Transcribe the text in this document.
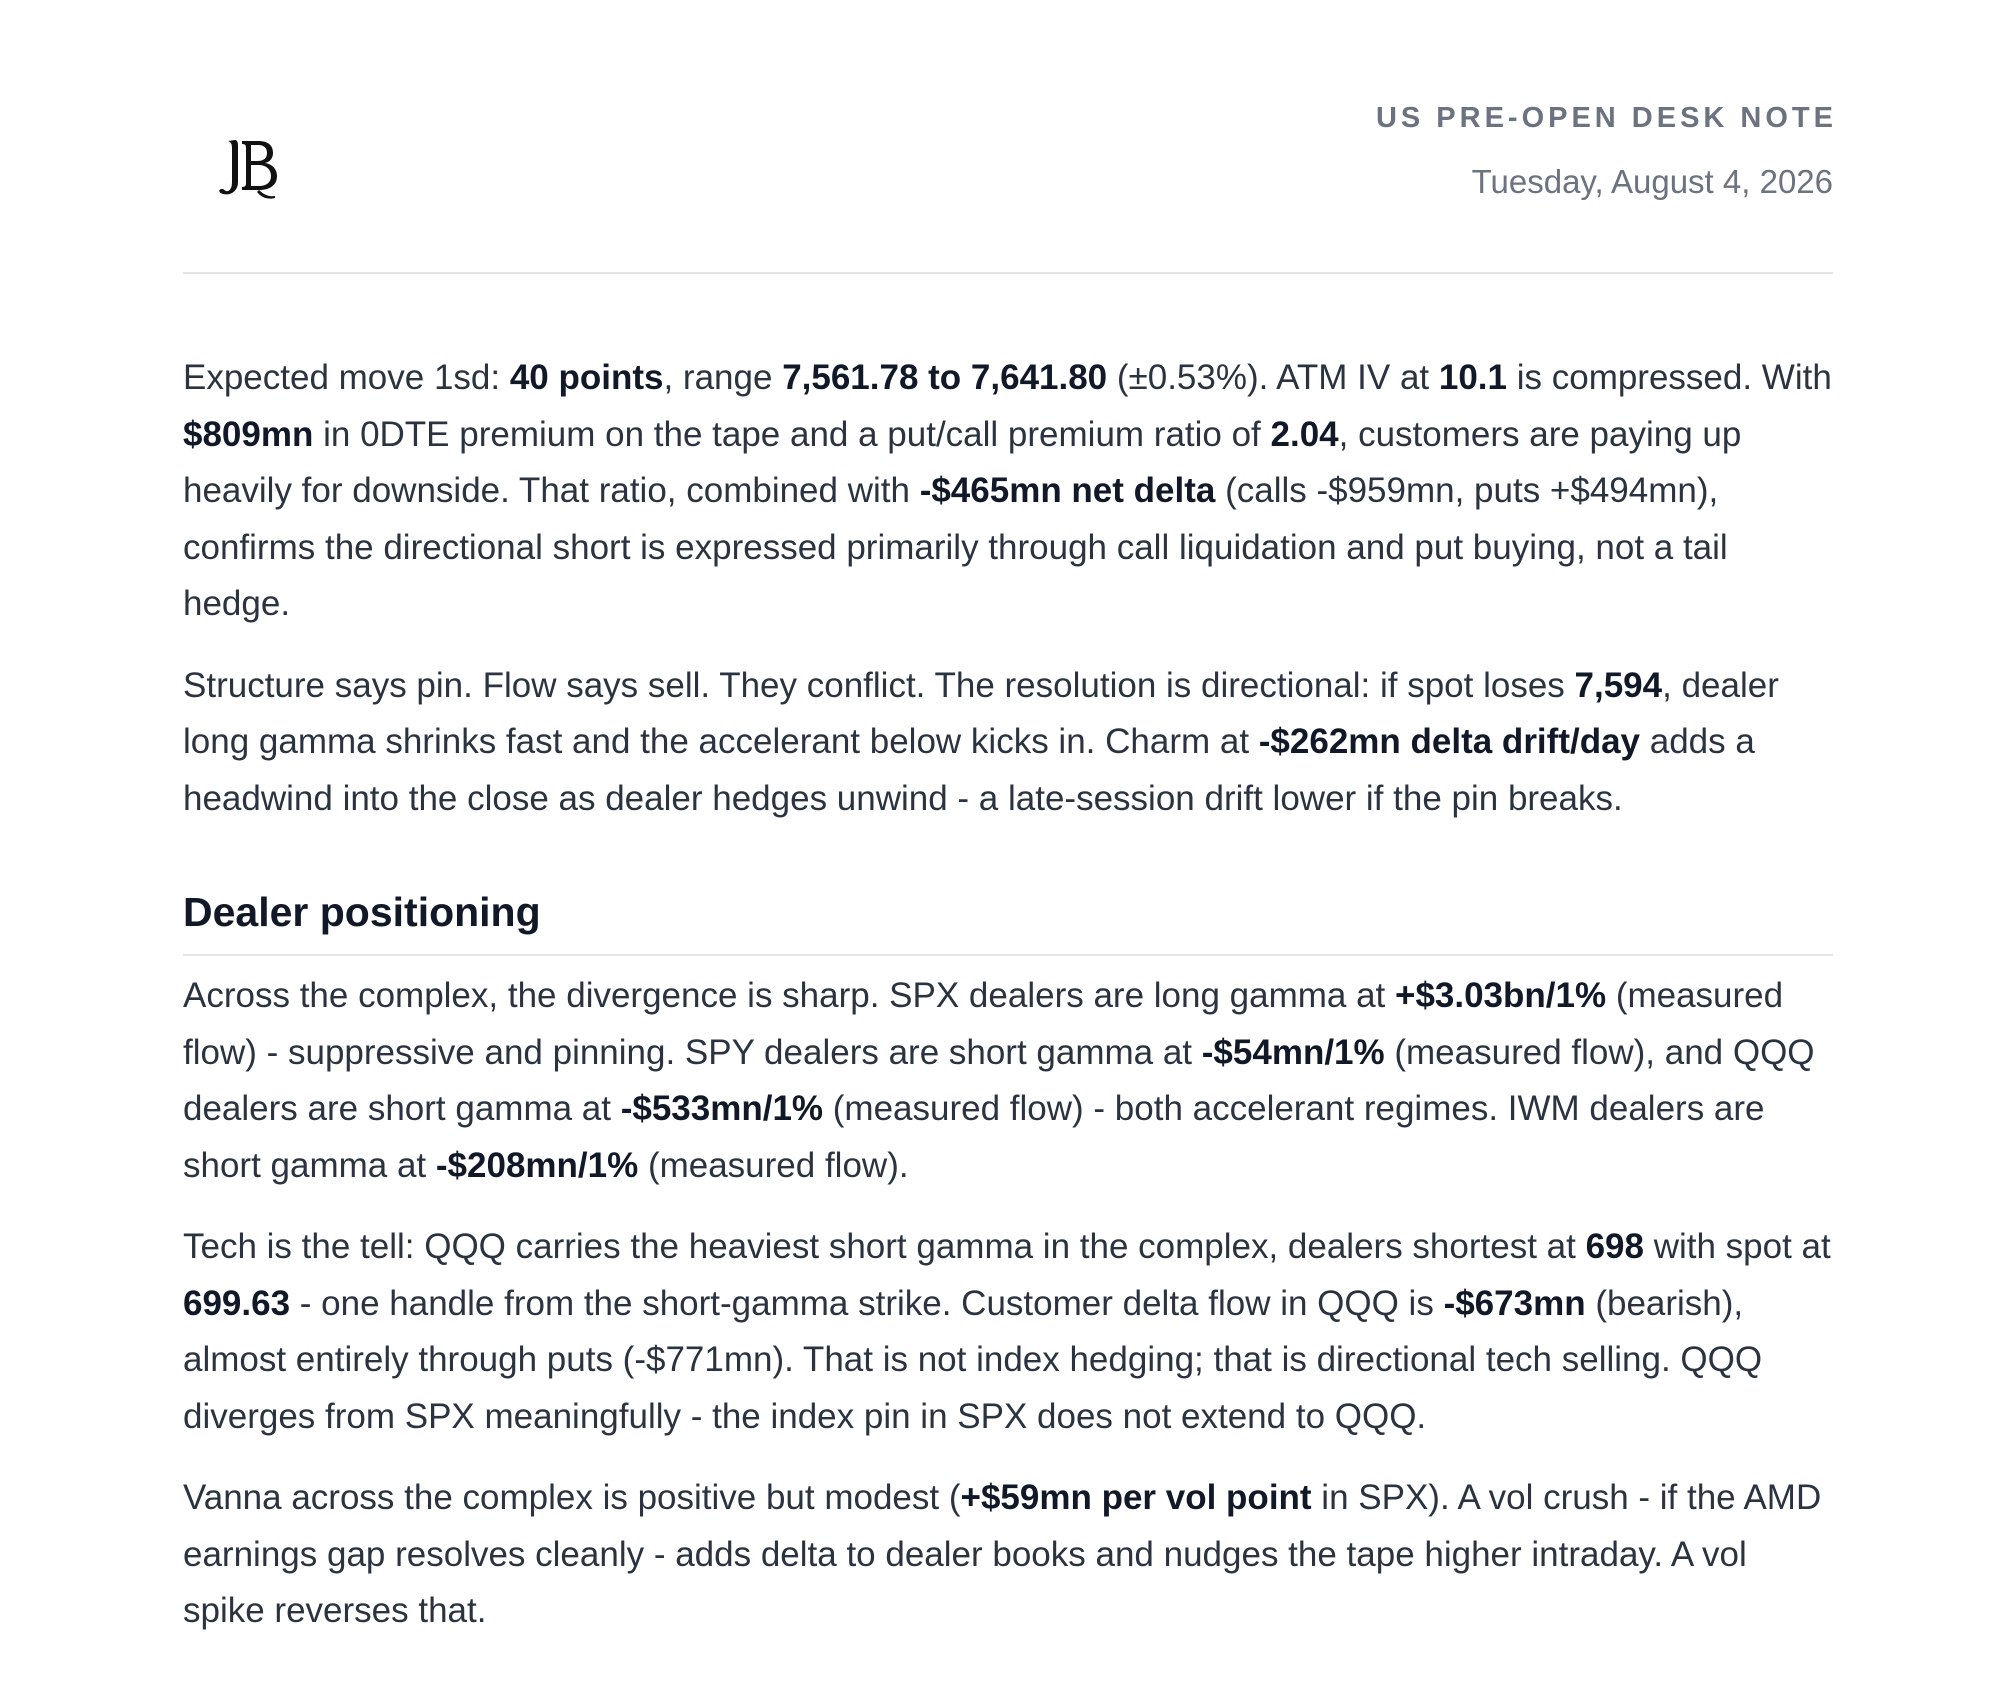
US PRE-OPEN DESK NOTE
Tuesday, August 4, 2026

Expected move 1sd: 40 points, range 7,561.78 to 7,641.80 (±0.53%). ATM IV at 10.1 is compressed. With $809mn in 0DTE premium on the tape and a put/call premium ratio of 2.04, customers are paying up heavily for downside. That ratio, combined with -$465mn net delta (calls -$959mn, puts +$494mn), confirms the directional short is expressed primarily through call liquidation and put buying, not a tail hedge.

Structure says pin. Flow says sell. They conflict. The resolution is directional: if spot loses 7,594, dealer long gamma shrinks fast and the accelerant below kicks in. Charm at -$262mn delta drift/day adds a headwind into the close as dealer hedges unwind - a late-session drift lower if the pin breaks.

Dealer positioning

Across the complex, the divergence is sharp. SPX dealers are long gamma at +$3.03bn/1% (measured flow) - suppressive and pinning. SPY dealers are short gamma at -$54mn/1% (measured flow), and QQQ dealers are short gamma at -$533mn/1% (measured flow) - both accelerant regimes. IWM dealers are short gamma at -$208mn/1% (measured flow).

Tech is the tell: QQQ carries the heaviest short gamma in the complex, dealers shortest at 698 with spot at 699.63 - one handle from the short-gamma strike. Customer delta flow in QQQ is -$673mn (bearish), almost entirely through puts (-$771mn). That is not index hedging; that is directional tech selling. QQQ diverges from SPX meaningfully - the index pin in SPX does not extend to QQQ.

Vanna across the complex is positive but modest (+$59mn per vol point in SPX). A vol crush - if the AMD earnings gap resolves cleanly - adds delta to dealer books and nudges the tape higher intraday. A vol spike reverses that.
